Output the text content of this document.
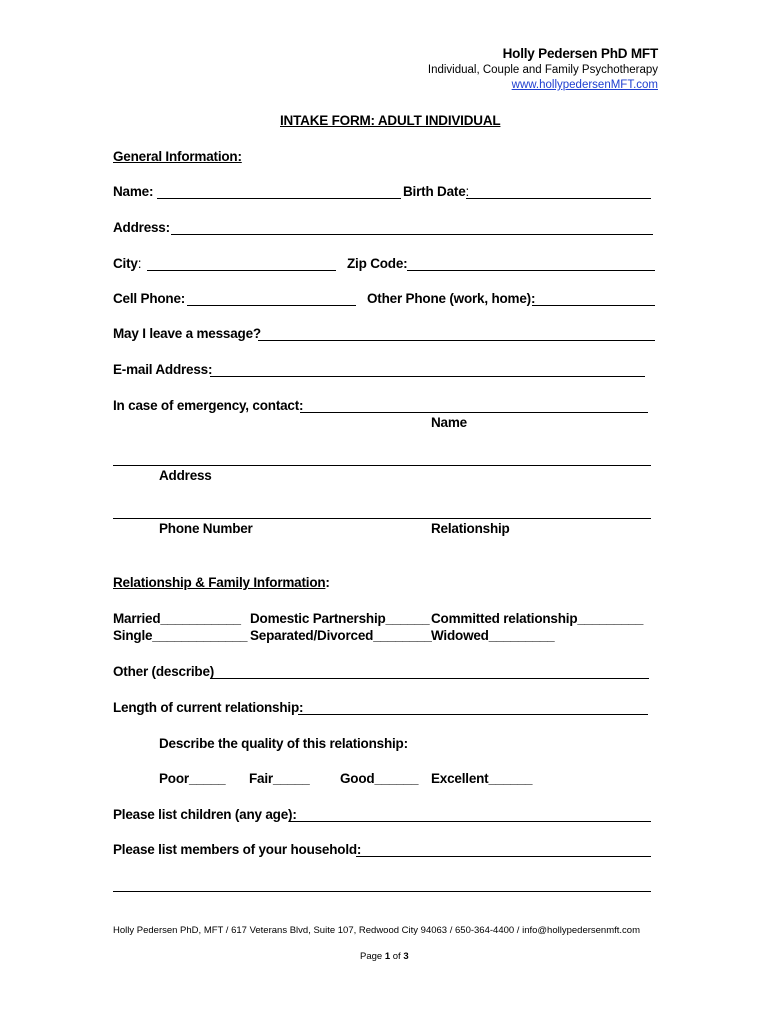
Holly Pedersen PhD MFT
Individual, Couple and Family Psychotherapy
www.hollypedersenMFT.com
INTAKE FORM: ADULT INDIVIDUAL
General Information:
Name:	Birth Date:
Address:
City:	Zip Code:
Cell Phone:	Other Phone (work, home):
May I leave a message?
E-mail Address:
In case of emergency, contact:
Name
Address
Phone Number	Relationship
Relationship & Family Information:
Married___________ Domestic Partnership______ Committed relationship_________
Single_____________ Separated/Divorced________ Widowed_________
Other (describe)
Length of current relationship:
Describe the quality of this relationship:
Poor_____ Fair_____ Good______ Excellent______
Please list children (any age):
Please list members of your household:
Holly Pedersen PhD, MFT / 617 Veterans Blvd, Suite 107, Redwood City 94063 / 650-364-4400 / info@hollypedersenmft.com
Page 1 of 3
